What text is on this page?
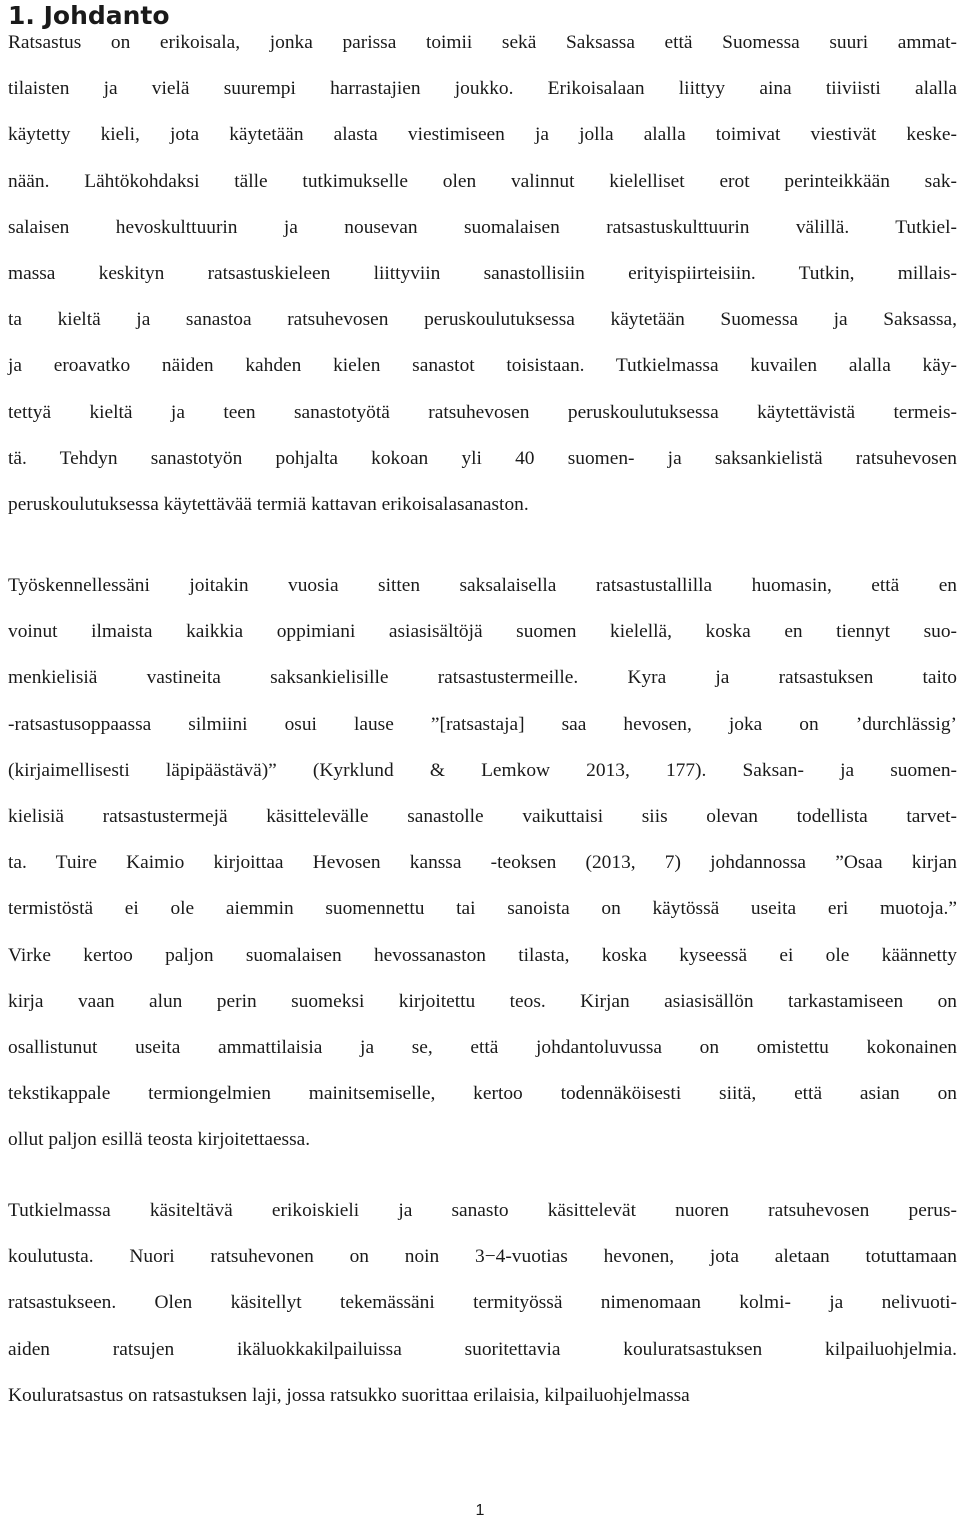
1. Johdanto
Ratsastus on erikoisala, jonka parissa toimii sekä Saksassa että Suomessa suuri ammat-
tilaisten ja vielä suurempi harrastajien joukko. Erikoisalaan liittyy aina tiiviisti alalla
käytetty kieli, jota käytetään alasta viestimiseen ja jolla alalla toimivat viestivät keske-
nään. Lähtökohdaksi tälle tutkimukselle olen valinnut kielelliset erot perinteikkään sak-
salaisen hevoskulttuurin ja nousevan suomalaisen ratsastuskulttuurin välillä. Tutkiel-
massa keskityn ratsastuskieleen liittyviin sanastollisiin erityispiirteisiin. Tutkin, millais-
ta kieltä ja sanastoa ratsuhevosen peruskoulutuksessa käytetään Suomessa ja Saksassa,
ja eroavatko näiden kahden kielen sanastot toisistaan. Tutkielmassa kuvailen alalla käy-
tettyä kieltä ja teen sanastotyötä ratsuhevosen peruskoulutuksessa käytettävistä termeis-
tä. Tehdyn sanastotyön pohjalta kokoan yli 40 suomen- ja saksankielistä ratsuhevosen
peruskoulutuksessa käytettävää termiä kattavan erikoisalasanaston.
Työskennellessäni joitakin vuosia sitten saksalaisella ratsastustallilla huomasin, että en
voinut ilmaista kaikkia oppimiani asiasisältöjä suomen kielellä, koska en tiennyt suo-
menkielisiä vastineita saksankielisille ratsastustermeille. Kyra ja ratsastuksen taito
-ratsastusoppaassa silmiini osui lause ”[ratsastaja] saa hevosen, joka on ’durchlässig’
(kirjaimellisesti läpipäästävä)” (Kyrklund & Lemkow 2013, 177). Saksan- ja suomen-
kielisiä ratsastustermejä käsittelevälle sanastolle vaikuttaisi siis olevan todellista tarvet-
ta. Tuire Kaimio kirjoittaa Hevosen kanssa -teoksen (2013, 7) johdannossa ”Osaa kirjan
termistöstä ei ole aiemmin suomennettu tai sanoista on käytössä useita eri muotoja.”
Virke kertoo paljon suomalaisen hevossanaston tilasta, koska kyseessä ei ole käännetty
kirja vaan alun perin suomeksi kirjoitettu teos. Kirjan asiasisällön tarkastamiseen on
osallistunut useita ammattilaisia ja se, että johdantoluvussa on omistettu kokonainen
tekstikappale termiongelmien mainitsemiselle, kertoo todennäköisesti siitä, että asian on
ollut paljon esillä teosta kirjoitettaessa.
Tutkielmassa käsiteltävä erikoiskieli ja sanasto käsittelevät nuoren ratsuhevosen perus-
koulutusta. Nuori ratsuhevonen on noin 3−4-vuotias hevonen, jota aletaan totuttamaan
ratsastukseen. Olen käsitellyt tekemässäni termityössä nimenomaan kolmi- ja nelivuoti-
aiden ratsujen ikäluokkakilpailuissa suoritettavia kouluratsastuksen kilpailuohjelmia.
Kouluratsastus on ratsastuksen laji, jossa ratsukko suorittaa erilaisia, kilpailuohjelmassa
1
